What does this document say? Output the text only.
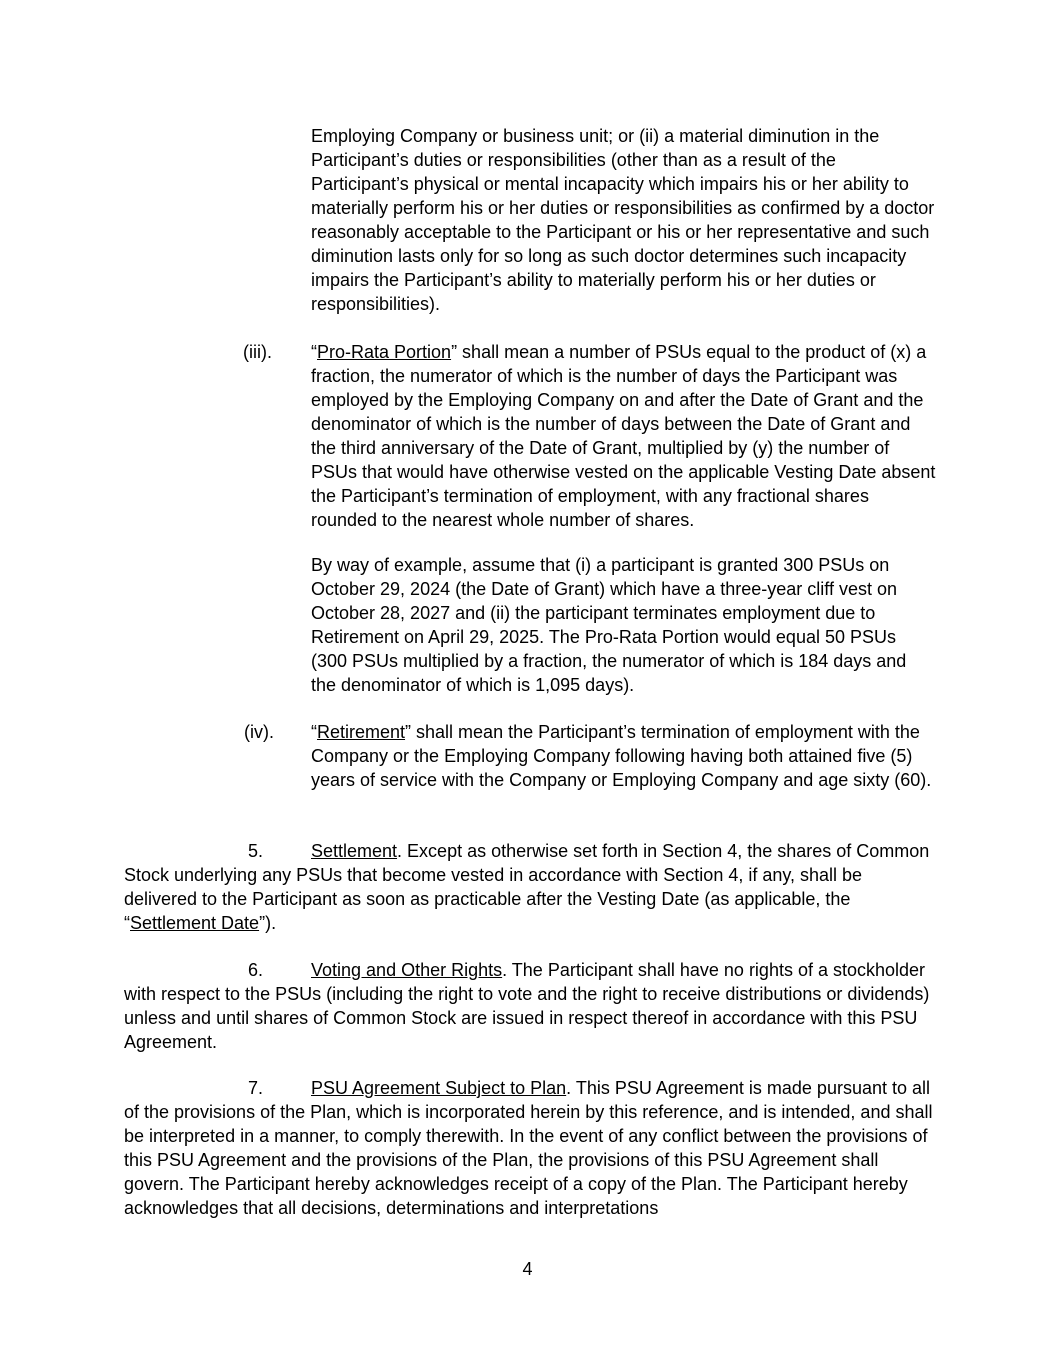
Employing Company or business unit; or (ii) a material diminution in the Participant’s duties or responsibilities (other than as a result of the Participant’s physical or mental incapacity which impairs his or her ability to materially perform his or her duties or responsibilities as confirmed by a doctor reasonably acceptable to the Participant or his or her representative and such diminution lasts only for so long as such doctor determines such incapacity impairs the Participant’s ability to materially perform his or her duties or responsibilities).

(iii). “Pro-Rata Portion” shall mean a number of PSUs equal to the product of (x) a fraction, the numerator of which is the number of days the Participant was employed by the Employing Company on and after the Date of Grant and the denominator of which is the number of days between the Date of Grant and the third anniversary of the Date of Grant, multiplied by (y) the number of PSUs that would have otherwise vested on the applicable Vesting Date absent the Participant’s termination of employment, with any fractional shares rounded to the nearest whole number of shares.

By way of example, assume that (i) a participant is granted 300 PSUs on October 29, 2024 (the Date of Grant) which have a three-year cliff vest on October 28, 2027 and (ii) the participant terminates employment due to Retirement on April 29, 2025. The Pro-Rata Portion would equal 50 PSUs (300 PSUs multiplied by a fraction, the numerator of which is 184 days and the denominator of which is 1,095 days).

(iv). “Retirement” shall mean the Participant’s termination of employment with the Company or the Employing Company following having both attained five (5) years of service with the Company or Employing Company and age sixty (60).

5.	Settlement. Except as otherwise set forth in Section 4, the shares of Common Stock underlying any PSUs that become vested in accordance with Section 4, if any, shall be delivered to the Participant as soon as practicable after the Vesting Date (as applicable, the “Settlement Date”).

6.	Voting and Other Rights. The Participant shall have no rights of a stockholder with respect to the PSUs (including the right to vote and the right to receive distributions or dividends) unless and until shares of Common Stock are issued in respect thereof in accordance with this PSU Agreement.

7.	PSU Agreement Subject to Plan. This PSU Agreement is made pursuant to all of the provisions of the Plan, which is incorporated herein by this reference, and is intended, and shall be interpreted in a manner, to comply therewith. In the event of any conflict between the provisions of this PSU Agreement and the provisions of the Plan, the provisions of this PSU Agreement shall govern. The Participant hereby acknowledges receipt of a copy of the Plan. The Participant hereby acknowledges that all decisions, determinations and interpretations

4
